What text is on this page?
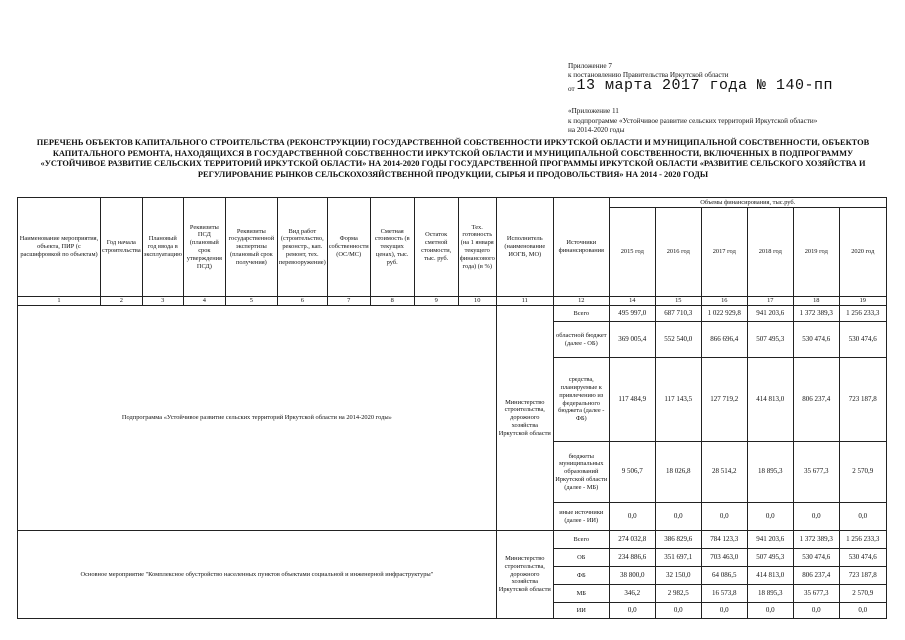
Приложение 7
к постановлению Правительства Иркутской области
от 13 марта 2017 года № 140-пп
«Приложение 11
к подпрограмме «Устойчивое развитие сельских территорий Иркутской области»
на 2014-2020 годы
ПЕРЕЧЕНЬ ОБЪЕКТОВ КАПИТАЛЬНОГО СТРОИТЕЛЬСТВА (РЕКОНСТРУКЦИИ) ГОСУДАРСТВЕННОЙ СОБСТВЕННОСТИ ИРКУТСКОЙ ОБЛАСТИ И МУНИЦИПАЛЬНОЙ СОБСТВЕННОСТИ, ОБЪЕКТОВ КАПИТАЛЬНОГО РЕМОНТА, НАХОДЯЩИХСЯ В ГОСУДАРСТВЕННОЙ СОБСТВЕННОСТИ ИРКУТСКОЙ ОБЛАСТИ И МУНИЦИПАЛЬНОЙ СОБСТВЕННОСТИ, ВКЛЮЧЕННЫХ В ПОДПРОГРАММУ «УСТОЙЧИВОЕ РАЗВИТИЕ СЕЛЬСКИХ ТЕРРИТОРИЙ ИРКУТСКОЙ ОБЛАСТИ» НА 2014-2020 ГОДЫ ГОСУДАРСТВЕННОЙ ПРОГРАММЫ ИРКУТСКОЙ ОБЛАСТИ «РАЗВИТИЕ СЕЛЬСКОГО ХОЗЯЙСТВА И РЕГУЛИРОВАНИЕ РЫНКОВ СЕЛЬСКОХОЗЯЙСТВЕННОЙ ПРОДУКЦИИ, СЫРЬЯ И ПРОДОВОЛЬСТВИЯ» НА 2014 - 2020 ГОДЫ
Наименование мероприятия, объекта, ПИР (с расшифровкой по объектам)	Год начала строительства	Плановый год ввода в эксплуатацию	Реквизиты ПСД (плановый срок утверждения ПСД)	Реквизиты государственной экспертизы (плановый срок получения)	Вид работ (строительство, реконстр., кап. ремонт, тех. перевооружение)	Форма собственности (ОС/МС)	Сметная стоимость (в текущих ценах), тыс. руб.	Остаток сметной стоимости, тыс. руб.	Тех. готовность (на 1 января текущего финансового года) (в %)	Исполнитель (наименование ИОГВ, МО)	Источники финансирования	Объемы финансирования, тыс.руб.					
												2015 год	2016 год	2017 год	2018 год	2019 год	2020 год
1	2	3	4	5	6	7	8	9	10	11	12	14	15	16	17	18	19
Подпрограмма «Устойчивое развитие сельских территорий Иркутской области на 2014-2020 годы»										Министерство строительства, дорожного хозяйства Иркутской области	Всего	495 997,0	687 710,3	1 022 929,8	941 203,6	1 372 389,3	1 256 233,3
											областной бюджет (далее - ОБ)	369 005,4	552 540,0	866 696,4	507 495,3	530 474,6	530 474,6
											средства, планируемые к привлечению из федерального бюджета (далее - ФБ)	117 484,9	117 143,5	127 719,2	414 813,0	806 237,4	723 187,8
											бюджеты муниципальных образований Иркутской области (далее - МБ)	9 506,7	18 026,8	28 514,2	18 895,3	35 677,3	2 570,9
											иные источники (далее - ИИ)	0,0	0,0	0,0	0,0	0,0	0,0
Основное мероприятие "Комплексное обустройство населенных пунктов объектами социальной и инженерной инфраструктуры"										Министерство строительства, дорожного хозяйства Иркутской области	Всего	274 032,8	386 829,6	784 123,3	941 203,6	1 372 389,3	1 256 233,3
											ОБ	234 886,6	351 697,1	703 463,0	507 495,3	530 474,6	530 474,6
											ФБ	38 800,0	32 150,0	64 086,5	414 813,0	806 237,4	723 187,8
											МБ	346,2	2 982,5	16 573,8	18 895,3	35 677,3	2 570,9
											ИИ	0,0	0,0	0,0	0,0	0,0	0,0
